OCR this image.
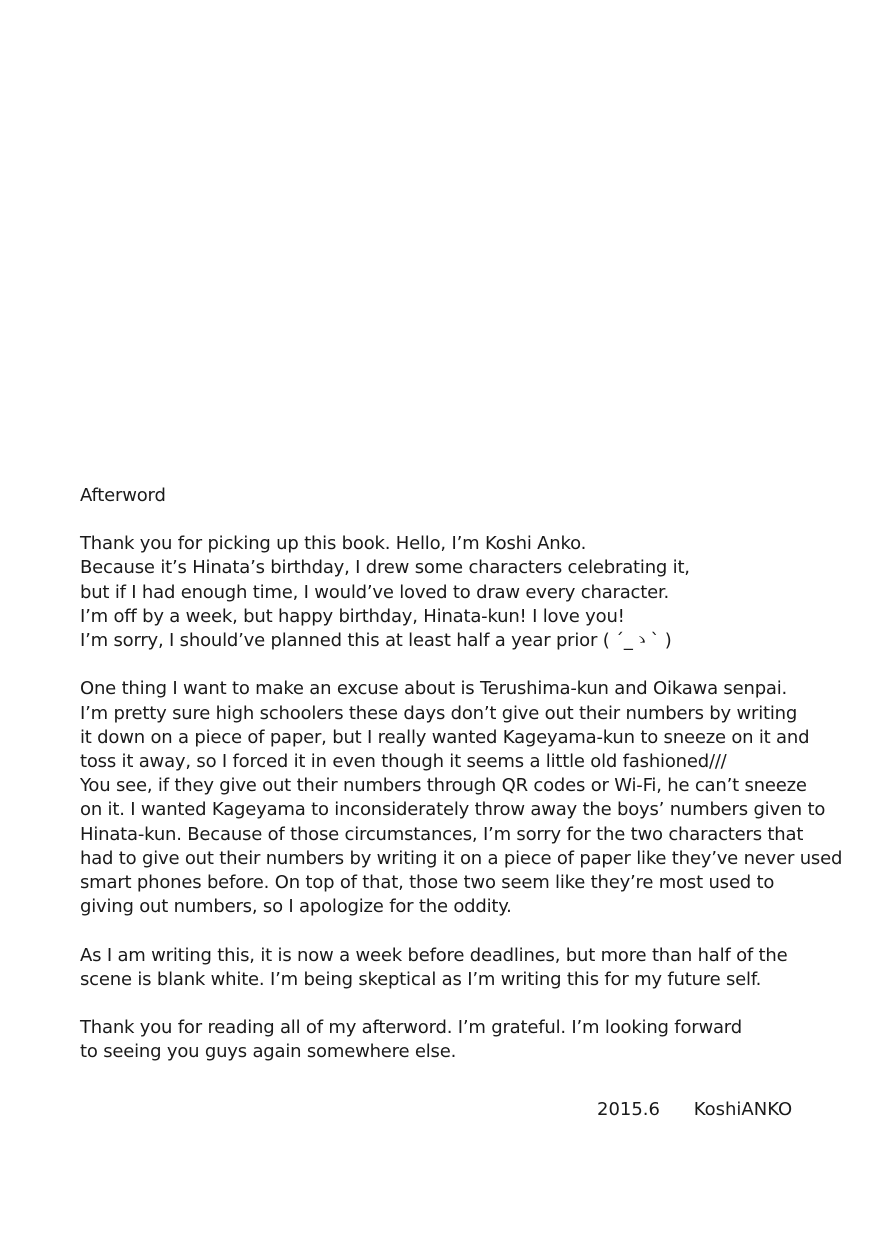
Afterword
Thank you for picking up this book. Hello, I’m Koshi Anko.
Because it’s Hinata’s birthday, I drew some characters celebrating it,
but if I had enough time, I would’ve loved to draw every character.
I’m off by a week, but happy birthday, Hinata-kun! I love you!
I’m sorry, I should’ve planned this at least half a year prior ( ´_ゝ` )
One thing I want to make an excuse about is Terushima-kun and Oikawa senpai.
I’m pretty sure high schoolers these days don’t give out their numbers by writing
it down on a piece of paper, but I really wanted Kageyama-kun to sneeze on it and
toss it away, so I forced it in even though it seems a little old fashioned///
You see, if they give out their numbers through QR codes or Wi-Fi, he can’t sneeze
on it. I wanted Kageyama to inconsiderately throw away the boys’ numbers given to
Hinata-kun. Because of those circumstances, I’m sorry for the two characters that
had to give out their numbers by writing it on a piece of paper like they’ve never used
smart phones before. On top of that, those two seem like they’re most used to
giving out numbers, so I apologize for the oddity.
As I am writing this, it is now a week before deadlines, but more than half of the
scene is blank white. I’m being skeptical as I’m writing this for my future self.
Thank you for reading all of my afterword. I’m grateful. I’m looking forward
to seeing you guys again somewhere else.
2015.6 KoshiANKO
